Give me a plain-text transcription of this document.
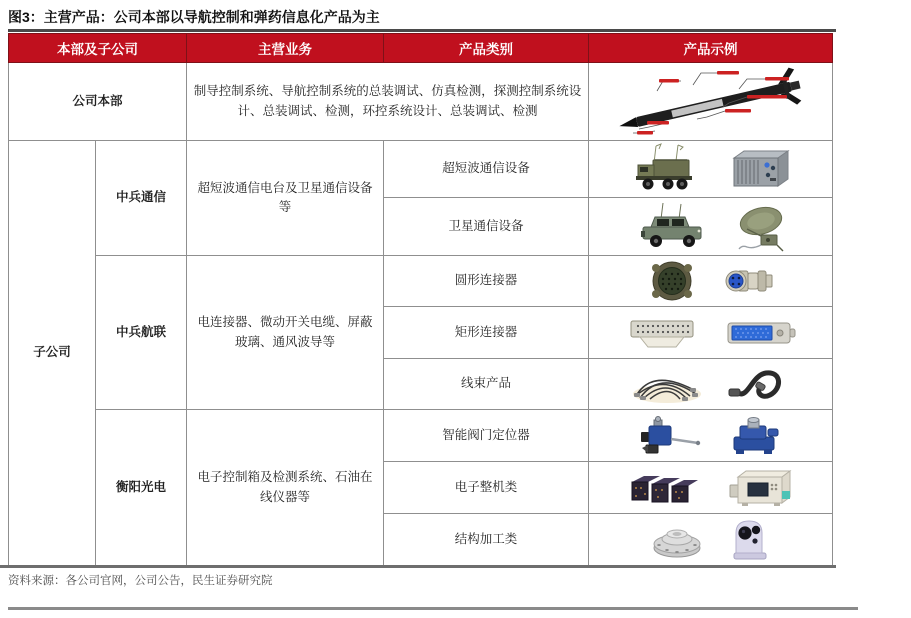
图3：主营产品：公司本部以导航控制和弹药信息化产品为主
本部及子公司		主营业务	产品类别	产品示例
公司本部		制导控制系统、导航控制系统的总装调试、仿真检测，探测控制系统设计、总装调试、检测，环控系统设计、总装调试、检测	

子公司	中兵通信	超短波通信电台及卫星通信设备等	超短波通信设备	

			卫星通信设备	

	中兵航联	电连接器、微动开关电缆、屏蔽玻璃、通风波导等	圆形连接器	

			矩形连接器	

			线束产品	

	衡阳光电	电子控制箱及检测系统、石油在线仪器等	智能阀门定位器	

			电子整机类	

			结构加工类	
资料来源：各公司官网，公司公告，民生证券研究院
